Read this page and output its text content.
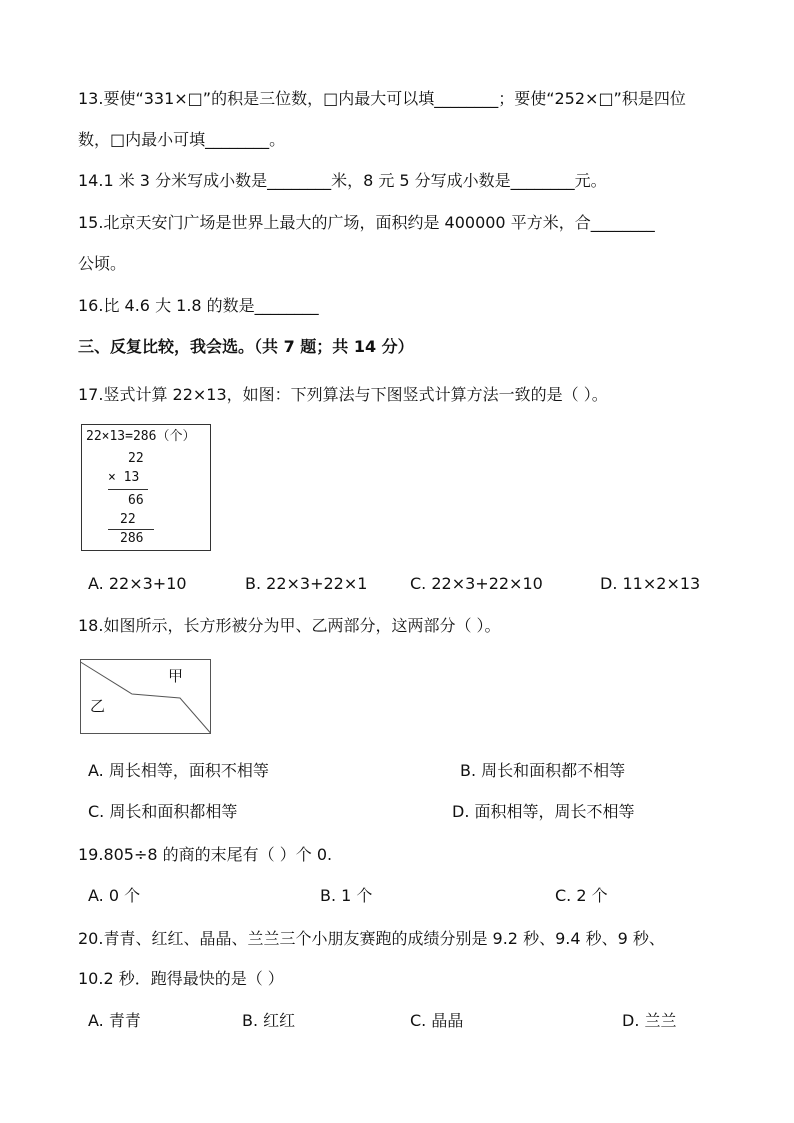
13.要使“331×□”的积是三位数，□内最大可以填________；要使“252×□”积是四位
数，□内最小可填________。
14.1 米 3 分米写成小数是________米，8 元 5 分写成小数是________元。
15.北京天安门广场是世界上最大的广场，面积约是 400000 平方米，合________
公顷。
16.比 4.6 大 1.8 的数是________
三、反复比较，我会选。（共 7 题；共 14 分）
17.竖式计算 22×13，如图：下列算法与下图竖式计算方法一致的是（ ）。
22×13=286（个）
22
× 13
66
22
286
A. 22×3+10	B. 22×3+22×1	C. 22×3+22×10	D. 11×2×13
18.如图所示，长方形被分为甲、乙两部分，这两部分（ ）。
甲
乙
A. 周长相等，面积不相等	B. 周长和面积都不相等
C. 周长和面积都相等	D. 面积相等，周长不相等
19.805÷8 的商的末尾有（ ）个 0.
A. 0 个	B. 1 个	C. 2 个
20.青青、红红、晶晶、兰兰三个小朋友赛跑的成绩分别是 9.2 秒、9.4 秒、9 秒、
10.2 秒．跑得最快的是（ ）
A. 青青	B. 红红	C. 晶晶	D. 兰兰
